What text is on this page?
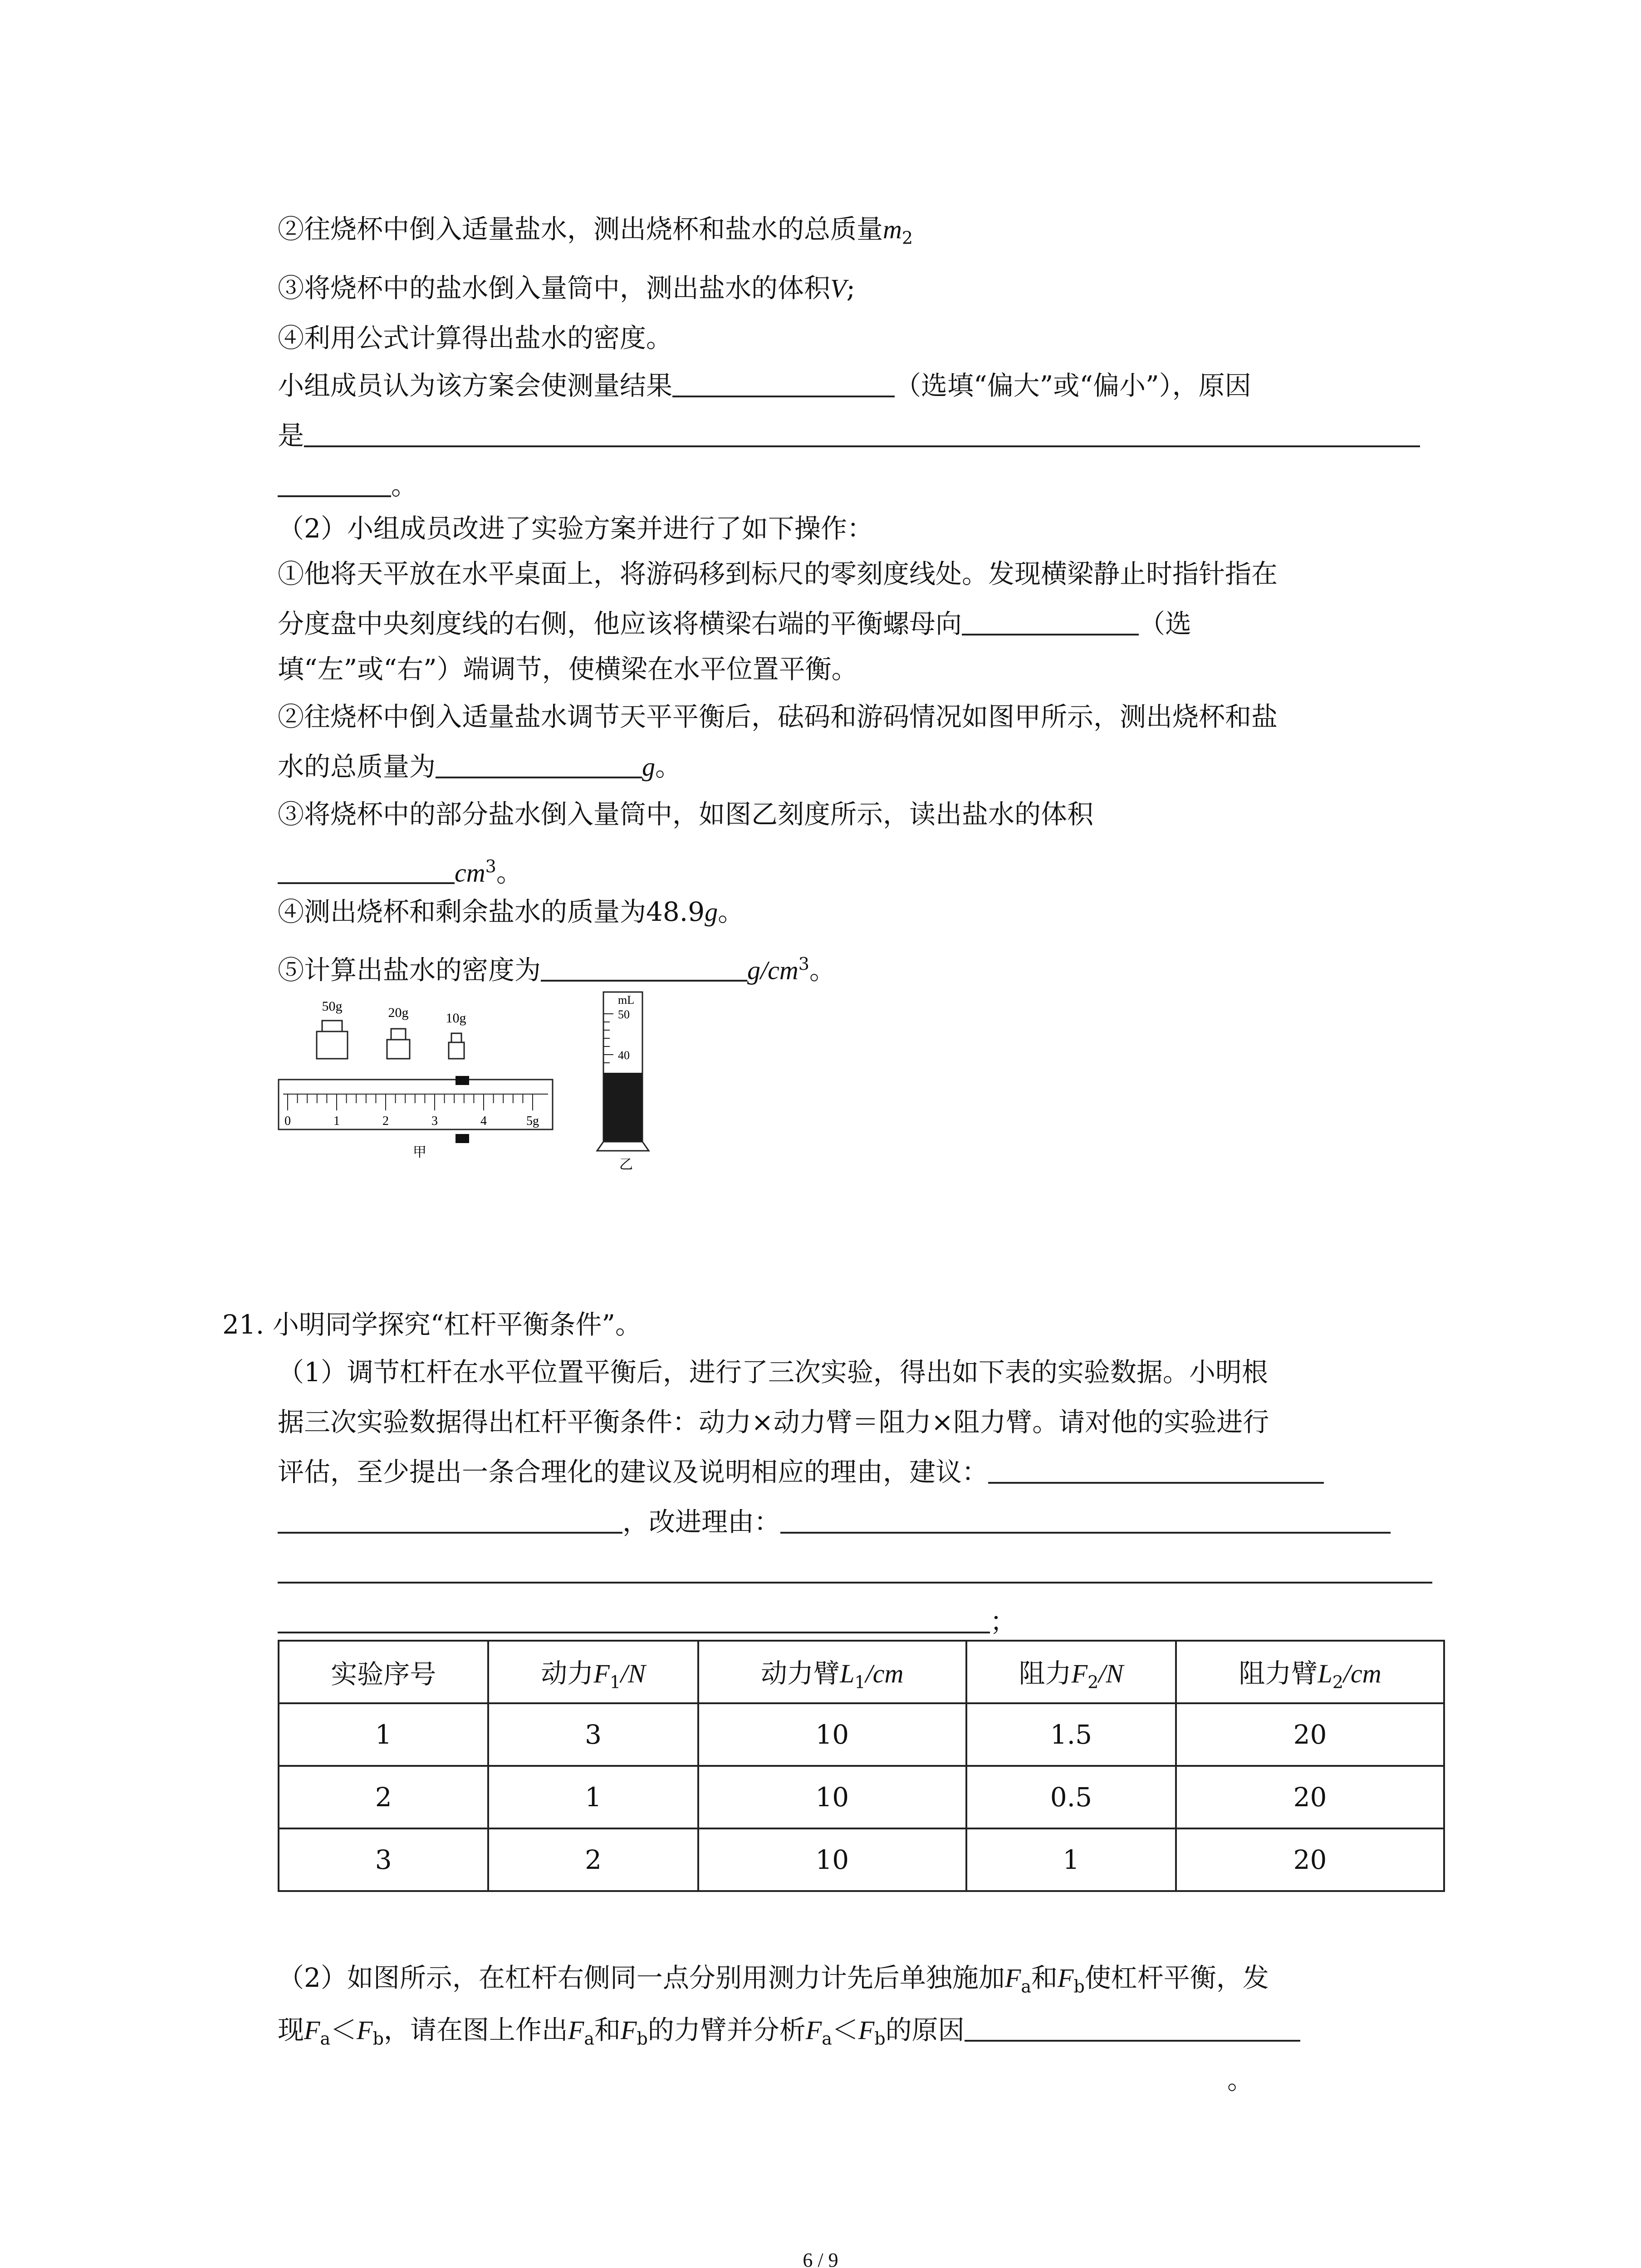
②往烧杯中倒入适量盐水，测出烧杯和盐水的总质量$m_2$
③将烧杯中的盐水倒入量筒中，测出盐水的体积V;
④利用公式计算得出盐水的密度。
小组成员认为该方案会使测量结果	（选填“偏大”或“偏小”），原因
是
。
（2）小组成员改进了实验方案并进行了如下操作：
①他将天平放在水平桌面上，将游码移到标尺的零刻度线处。发现横梁静止时指针指在
分度盘中央刻度线的右侧，他应该将横梁右端的平衡螺母向	（选
填“左”或“右”）端调节，使横梁在水平位置平衡。
②往烧杯中倒入适量盐水调节天平平衡后，砝码和游码情况如图甲所示，测出烧杯和盐
水的总质量为	g。
③将烧杯中的部分盐水倒入量筒中，如图乙刻度所示，读出盐水的体积
$cm^3$。
④测出烧杯和剩余盐水的质量为48.9g。
⑤计算出盐水的密度为	$g/cm^3$。
50g	20g	10g
0	1	2	3	4	5g
甲
mL
50
40
乙
21. 小明同学探究“杠杆平衡条件”。
（1）调节杠杆在水平位置平衡后，进行了三次实验，得出如下表的实验数据。小明根
据三次实验数据得出杠杆平衡条件：动力×动力臂＝阻力×阻力臂。请对他的实验进行
评估，至少提出一条合理化的建议及说明相应的理由，建议：
，改进理由：
；
实验序号	动力$F_1/N$	动力臂$L_1/cm$	阻力$F_2/N$	阻力臂$L_2/cm$
1	3	10	1.5	20
2	1	10	0.5	20
3	2	10	1	20
（2）如图所示，在杠杆右侧同一点分别用测力计先后单独施加$F_a$和$F_b$使杠杆平衡，发
现$F_a<F_b$，请在图上作出$F_a$和$F_b$的力臂并分析$F_a<F_b$的原因
。
6 / 9
